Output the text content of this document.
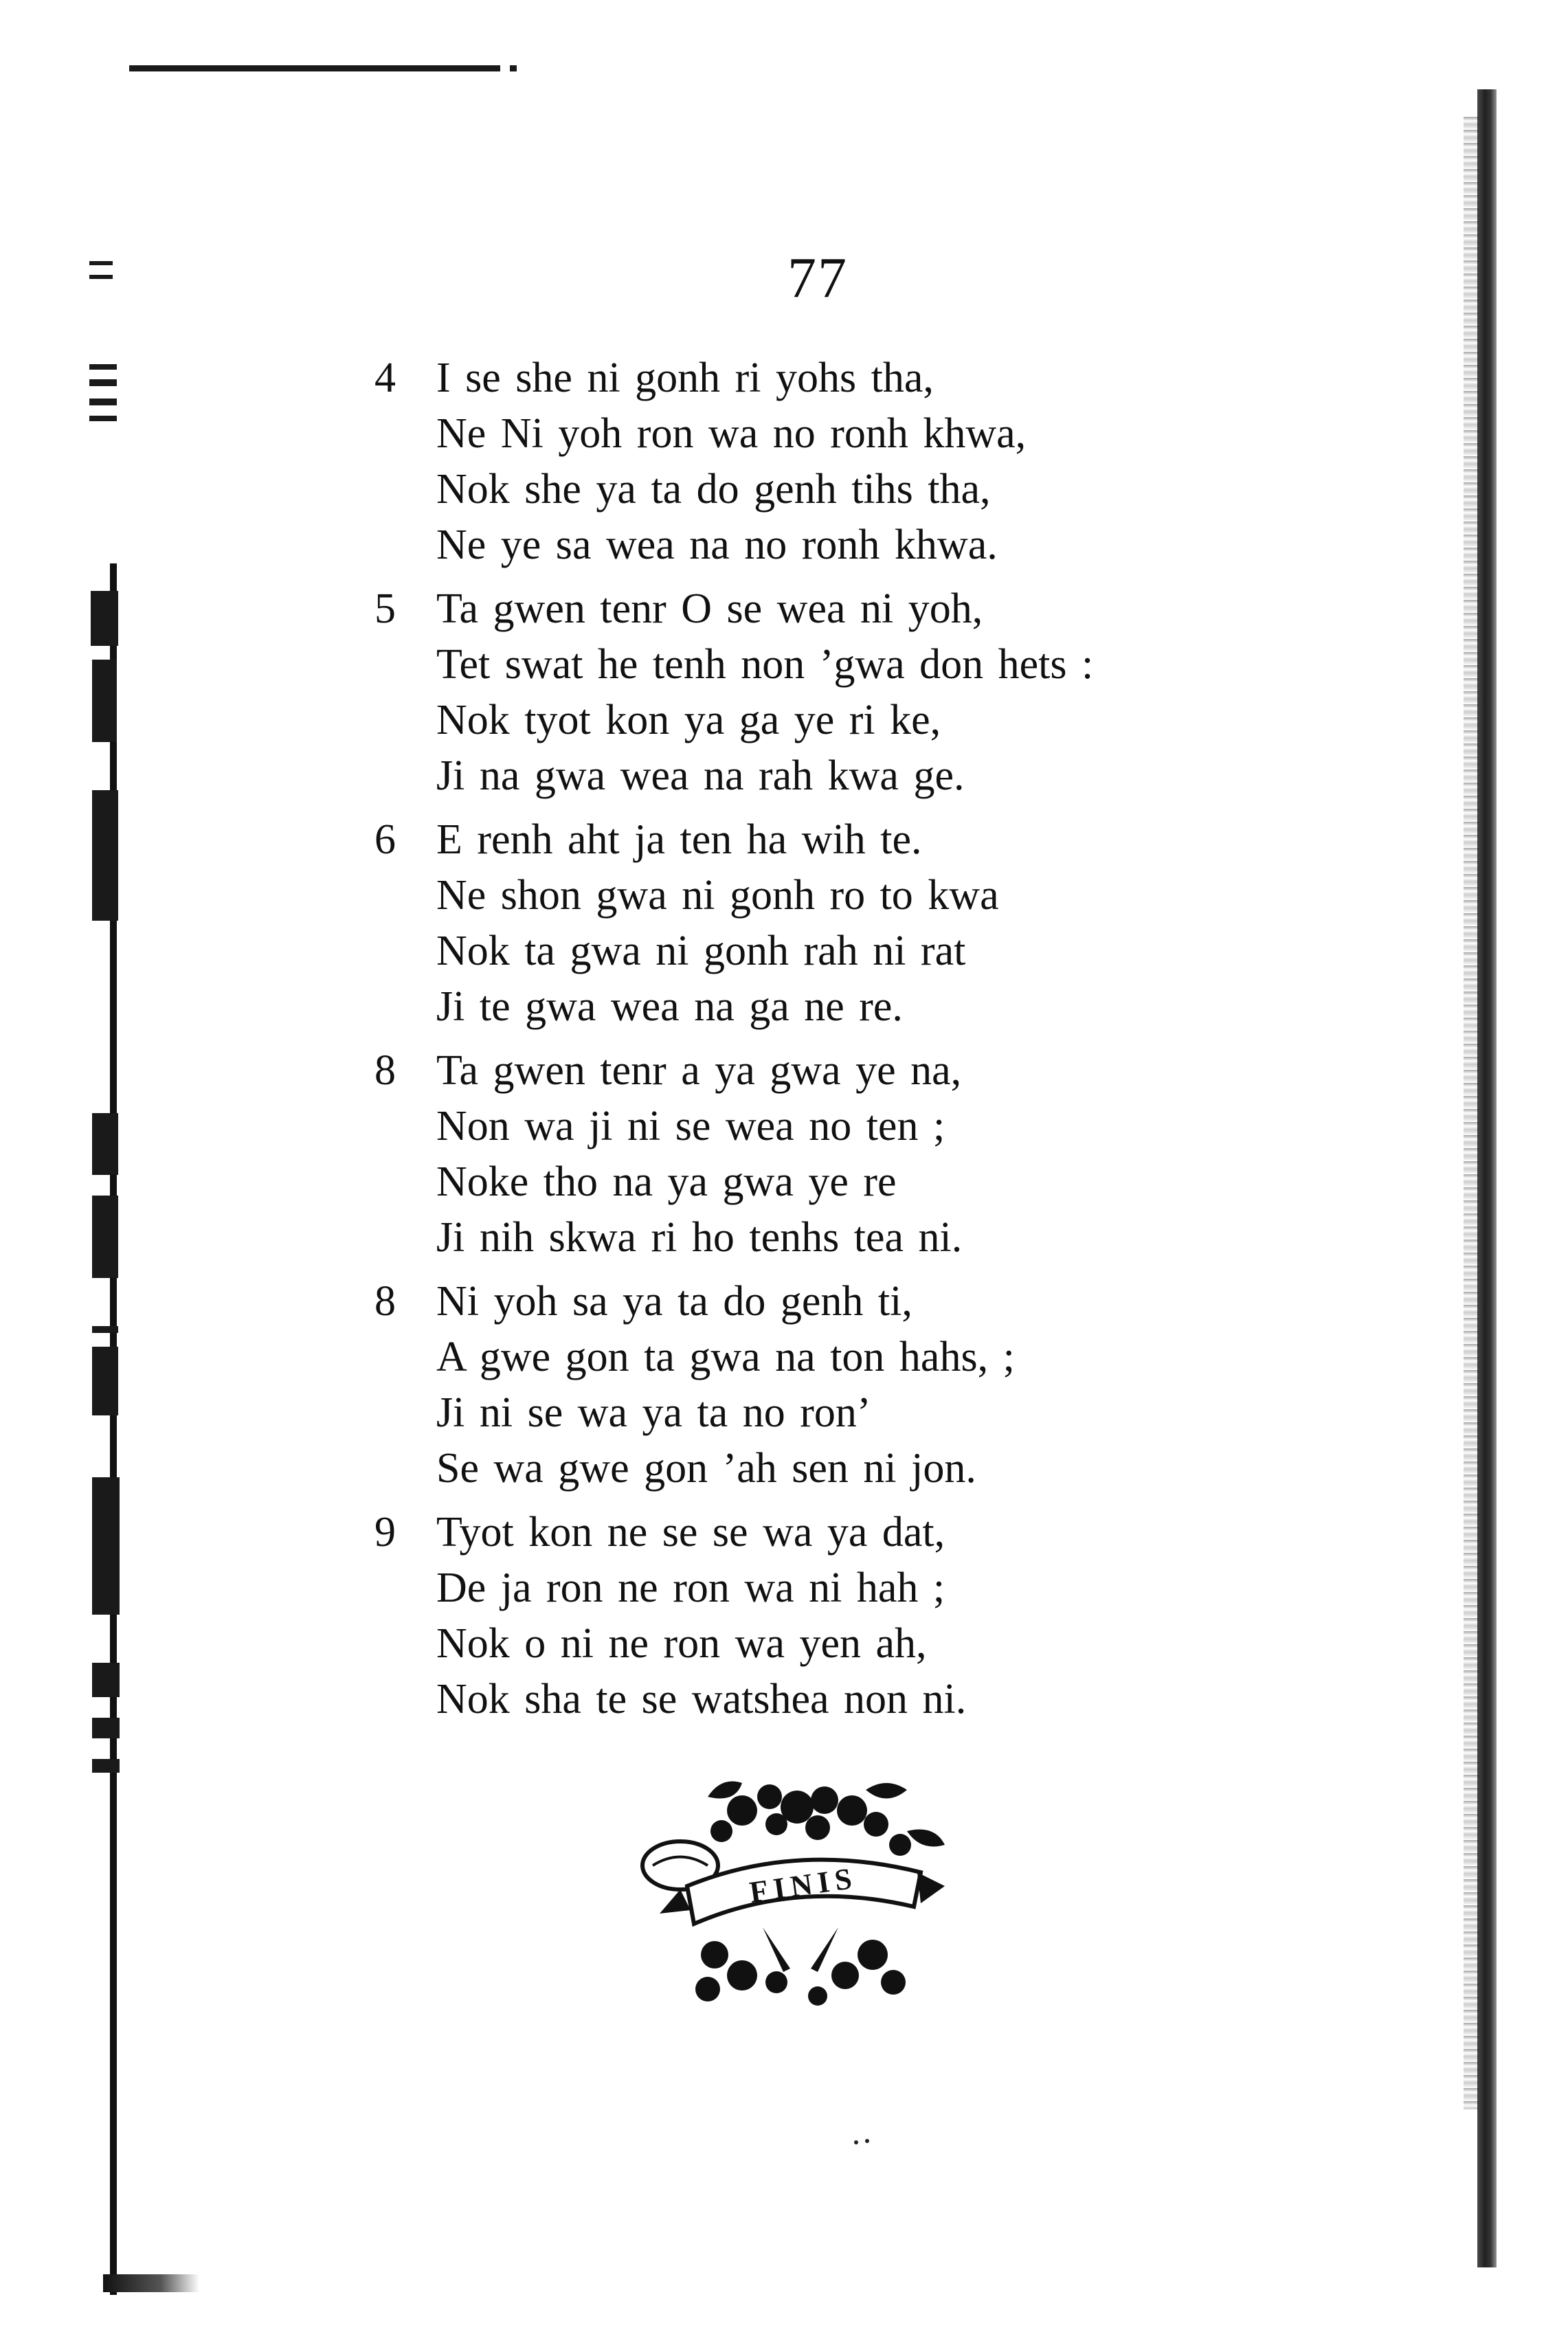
77
4 I se she ni gonh ri yohs tha,
Ne Ni yoh ron wa no ronh khwa,
Nok she ya ta do genh tihs tha,
Ne ye sa wea na no ronh khwa.
5 Ta gwen tenr O se wea ni yoh,
Tet swat he tenh non ’gwa don hets :
Nok tyot kon ya ga ye ri ke,
Ji na gwa wea na rah kwa ge.
6 E renh aht ja ten ha wih te.
Ne shon gwa ni gonh ro to kwa
Nok ta gwa ni gonh rah ni rat
Ji te gwa wea na ga ne re.
8 Ta gwen tenr a ya gwa ye na,
Non wa ji ni se wea no ten ;
Noke tho na ya gwa ye re
Ji nih skwa ri ho tenhs tea ni.
8 Ni yoh sa ya ta do genh ti,
A gwe gon ta gwa na ton hahs, ;
Ji ni se wa ya ta no ron’
Se wa gwe gon ’ah sen ni jon.
9 Tyot kon ne se se wa ya dat,
De ja ron ne ron wa ni hah ;
Nok o ni ne ron wa yen ah,
Nok sha te se watshea non ni.
FINIS
